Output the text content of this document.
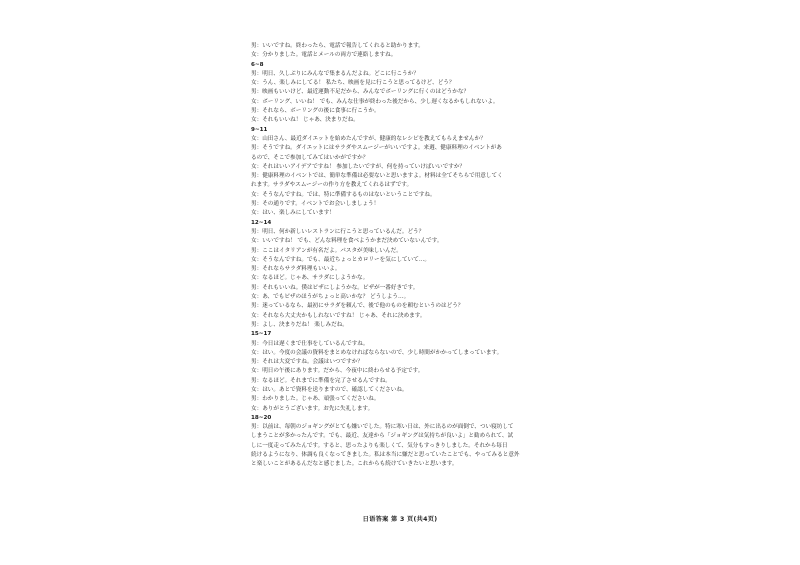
男：いいですね。終わったら、電話で報告してくれると助かります。
女：分かりました。電話とメールの両方で連絡しますね。
6~8
男：明日、久しぶりにみんなで集まるんだよね。どこに行こうか？
女：うん、楽しみにしてる！ 私たち、映画を見に行こうと思ってるけど、どう？
男：映画もいいけど、最近運動不足だから、みんなでボーリングに行くのはどうかな？
女：ボーリング、いいね！ でも、みんな仕事が終わった後だから、少し遅くなるかもしれないよ。
男：それなら、ボーリングの後に食事に行こうか。
女：それもいいね！ じゃあ、決まりだね。
9~11
女：山田さん、最近ダイエットを始めたんですが、健康的なレシピを教えてもらえませんか？
男：そうですね。ダイエットにはサラダやスムージーがいいですよ。来週、健康料理のイベントがあ
るので、そこで参加してみてはいかがですか？
女：それはいいアイデアですね！ 参加したいですが、何を持っていけばいいですか？
男：健康料理のイベントでは、簡単な準備は必要ないと思いますよ。材料は全てそちらで用意してく
れます。サラダやスムージーの作り方を教えてくれるはずです。
女：そうなんですね。では、特に準備するものはないということですね。
男：その通りです。イベントでお会いしましょう！
女：はい、楽しみにしています！
12~14
男：明日、何か新しいレストランに行こうと思っているんだ。どう？
女：いいですね！ でも、どんな料理を食べようかまだ決めていないんです。
男：ここはイタリアンが有名だよ。パスタが美味しいんだ。
女：そうなんですね。でも、最近ちょっとカロリーを気にしていて…。
男：それならサラダ料理もいいよ。
女：なるほど。じゃあ、サラダにしようかな。
男：それもいいね。僕はピザにしようかな。ピザが一番好きです。
女：あ、でもピザのほうがちょっと高いかな？ どうしよう…。
男：迷っているなら、最初にサラダを頼んで、後で他のものを頼むというのはどう？
女：それなら大丈夫かもしれないですね！ じゃあ、それに決めます。
男：よし、決まりだね！ 楽しみだね。
15~17
男：今日は遅くまで仕事をしているんですね。
女：はい。今度の会議の資料をまとめなければならないので、少し時間がかかってしまっています。
男：それは大変ですね。会議はいつですか？
女：明日の午後にあります。だから、今夜中に終わらせる予定です。
男：なるほど。それまでに準備を完了させるんですね。
女：はい。あとで資料を送りますので、確認してくださいね。
男：わかりました。じゃあ、頑張ってくださいね。
女：ありがとうございます。お先に失礼します。
18~20
男：以前は、毎朝のジョギングがとても嫌いでした。特に寒い日は、外に出るのが面倒で、つい寝坊して
しまうことが多かったんです。でも、最近、友達から「ジョギングは気持ちが良いよ」と勧められて、試
しに一度走ってみたんです。すると、思ったよりも楽しくて、気分もすっきりしました。それから毎日
続けるようになり、体調も良くなってきました。私は本当に嫌だと思っていたことでも、やってみると意外
と楽しいことがあるんだなと感じました。これからも続けていきたいと思います。
日语答案 第 3 页(共4页)
